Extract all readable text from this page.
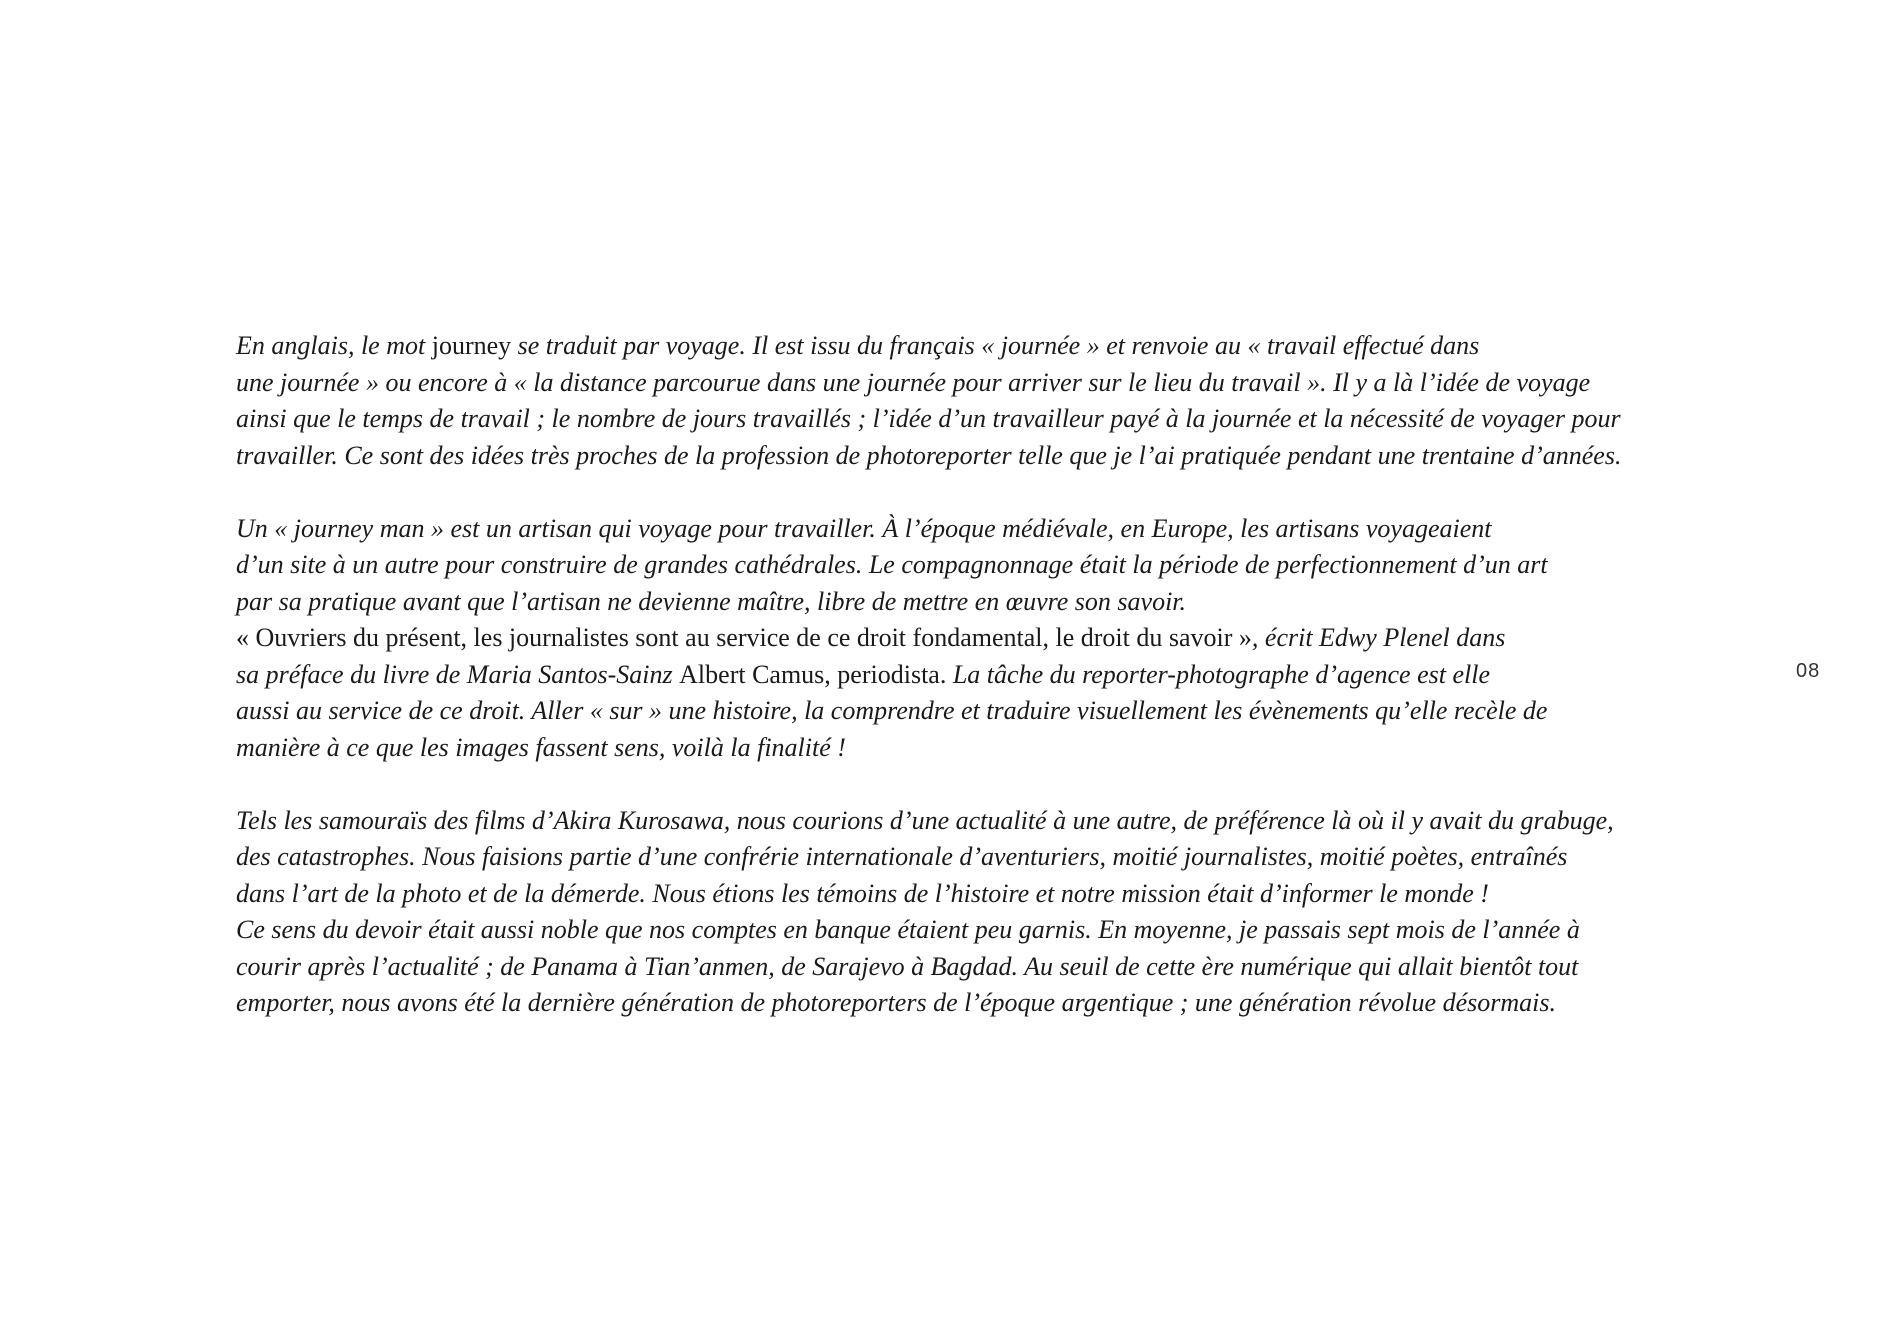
En anglais, le mot journey se traduit par voyage. Il est issu du français « journée » et renvoie au « travail effectué dans
une journée » ou encore à « la distance parcourue dans une journée pour arriver sur le lieu du travail ». Il y a là l’idée de voyage
ainsi que le temps de travail ; le nombre de jours travaillés ; l’idée d’un travailleur payé à la journée et la nécessité de voyager pour
travailler. Ce sont des idées très proches de la profession de photoreporter telle que je l’ai pratiquée pendant une trentaine d’années.
Un « journey man » est un artisan qui voyage pour travailler. À l’époque médiévale, en Europe, les artisans voyageaient
d’un site à un autre pour construire de grandes cathédrales. Le compagnonnage était la période de perfectionnement d’un art
par sa pratique avant que l’artisan ne devienne maître, libre de mettre en œuvre son savoir.
« Ouvriers du présent, les journalistes sont au service de ce droit fondamental, le droit du savoir », écrit Edwy Plenel dans
sa préface du livre de Maria Santos-Sainz Albert Camus, periodista. La tâche du reporter-photographe d’agence est elle
aussi au service de ce droit. Aller « sur » une histoire, la comprendre et traduire visuellement les évènements qu’elle recèle de
manière à ce que les images fassent sens, voilà la finalité !
Tels les samouraïs des films d’Akira Kurosawa, nous courions d’une actualité à une autre, de préférence là où il y avait du grabuge,
des catastrophes. Nous faisions partie d’une confrérie internationale d’aventuriers, moitié journalistes, moitié poètes, entraînés
dans l’art de la photo et de la démerde. Nous étions les témoins de l’histoire et notre mission était d’informer le monde !
Ce sens du devoir était aussi noble que nos comptes en banque étaient peu garnis. En moyenne, je passais sept mois de l’année à
courir après l’actualité ; de Panama à Tian’anmen, de Sarajevo à Bagdad. Au seuil de cette ère numérique qui allait bientôt tout
emporter, nous avons été la dernière génération de photoreporters de l’époque argentique ; une génération révolue désormais.
08
